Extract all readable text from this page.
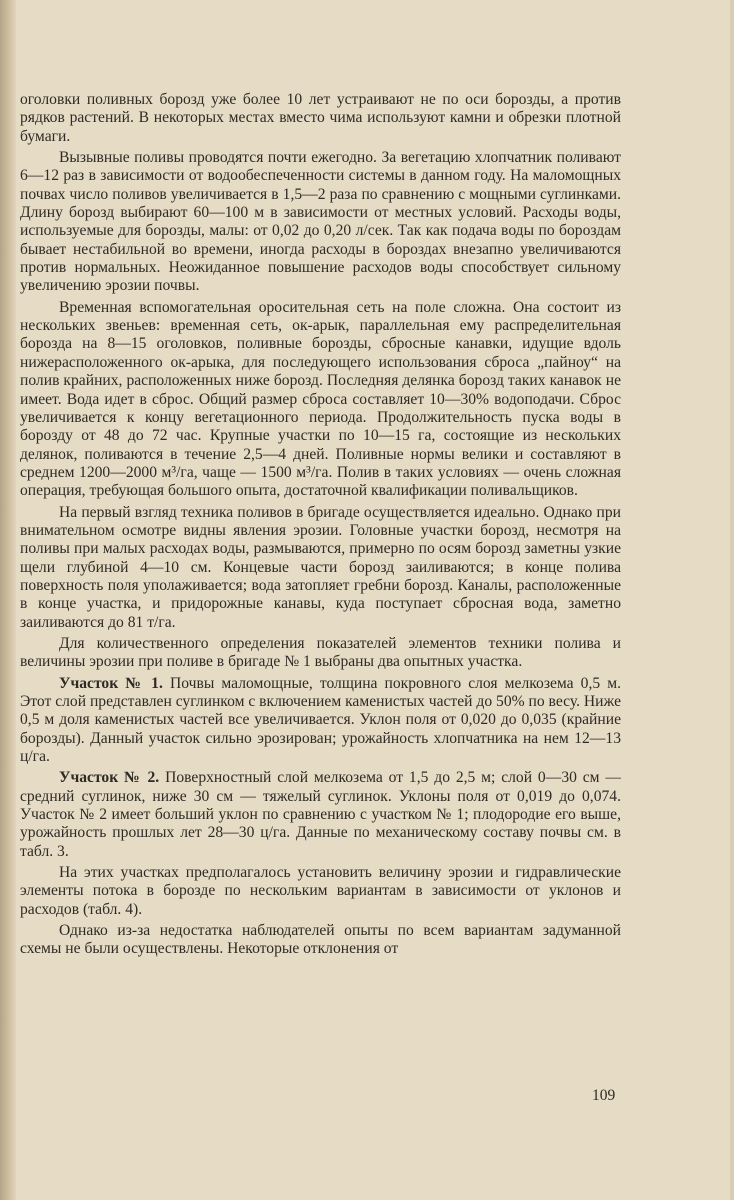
оголовки поливных борозд уже более 10 лет устраивают не по оси борозды, а против рядков растений. В некоторых местах вместо чима используют камни и обрезки плотной бумаги.

Вызывные поливы проводятся почти ежегодно. За вегетацию хлопчатник поливают 6—12 раз в зависимости от водообеспеченности системы в данном году. На маломощных почвах число поливов увеличивается в 1,5—2 раза по сравнению с мощными суглинками. Длину борозд выбирают 60—100 м в зависимости от местных условий. Расходы воды, используемые для борозды, малы: от 0,02 до 0,20 л/сек. Так как подача воды по бороздам бывает нестабильной во времени, иногда расходы в бороздах внезапно увеличиваются против нормальных. Неожиданное повышение расходов воды способствует сильному увеличению эрозии почвы.

Временная вспомогательная оросительная сеть на поле сложна. Она состоит из нескольких звеньев: временная сеть, ок-арык, параллельная ему распределительная борозда на 8—15 оголовков, поливные борозды, сбросные канавки, идущие вдоль нижерасположенного ок-арыка, для последующего использования сброса „пайноу“ на полив крайних, расположенных ниже борозд. Последняя делянка борозд таких канавок не имеет. Вода идет в сброс. Общий размер сброса составляет 10—30% водоподачи. Сброс увеличивается к концу вегетационного периода. Продолжительность пуска воды в борозду от 48 до 72 час. Крупные участки по 10—15 га, состоящие из нескольких делянок, поливаются в течение 2,5—4 дней. Поливные нормы велики и составляют в среднем 1200—2000 м³/га, чаще — 1500 м³/га. Полив в таких условиях — очень сложная операция, требующая большого опыта, достаточной квалификации поливальщиков.

На первый взгляд техника поливов в бригаде осуществляется идеально. Однако при внимательном осмотре видны явления эрозии. Головные участки борозд, несмотря на поливы при малых расходах воды, размываются, примерно по осям борозд заметны узкие щели глубиной 4—10 см. Концевые части борозд заиливаются; в конце полива поверхность поля уполаживается; вода затопляет гребни борозд. Каналы, расположенные в конце участка, и придорожные канавы, куда поступает сбросная вода, заметно заиливаются до 81 т/га.

Для количественного определения показателей элементов техники полива и величины эрозии при поливе в бригаде № 1 выбраны два опытных участка.

Участок № 1. Почвы маломощные, толщина покровного слоя мелкозема 0,5 м. Этот слой представлен суглинком с включением каменистых частей до 50% по весу. Ниже 0,5 м доля каменистых частей все увеличивается. Уклон поля от 0,020 до 0,035 (крайние борозды). Данный участок сильно эрозирован; урожайность хлопчатника на нем 12—13 ц/га.

Участок № 2. Поверхностный слой мелкозема от 1,5 до 2,5 м; слой 0—30 см — средний суглинок, ниже 30 см — тяжелый суглинок. Уклоны поля от 0,019 до 0,074. Участок № 2 имеет больший уклон по сравнению с участком № 1; плодородие его выше, урожайность прошлых лет 28—30 ц/га. Данные по механическому составу почвы см. в табл. 3.

На этих участках предполагалось установить величину эрозии и гидравлические элементы потока в борозде по нескольким вариантам в зависимости от уклонов и расходов (табл. 4).

Однако из-за недостатка наблюдателей опыты по всем вариантам задуманной схемы не были осуществлены. Некоторые отклонения от

109
